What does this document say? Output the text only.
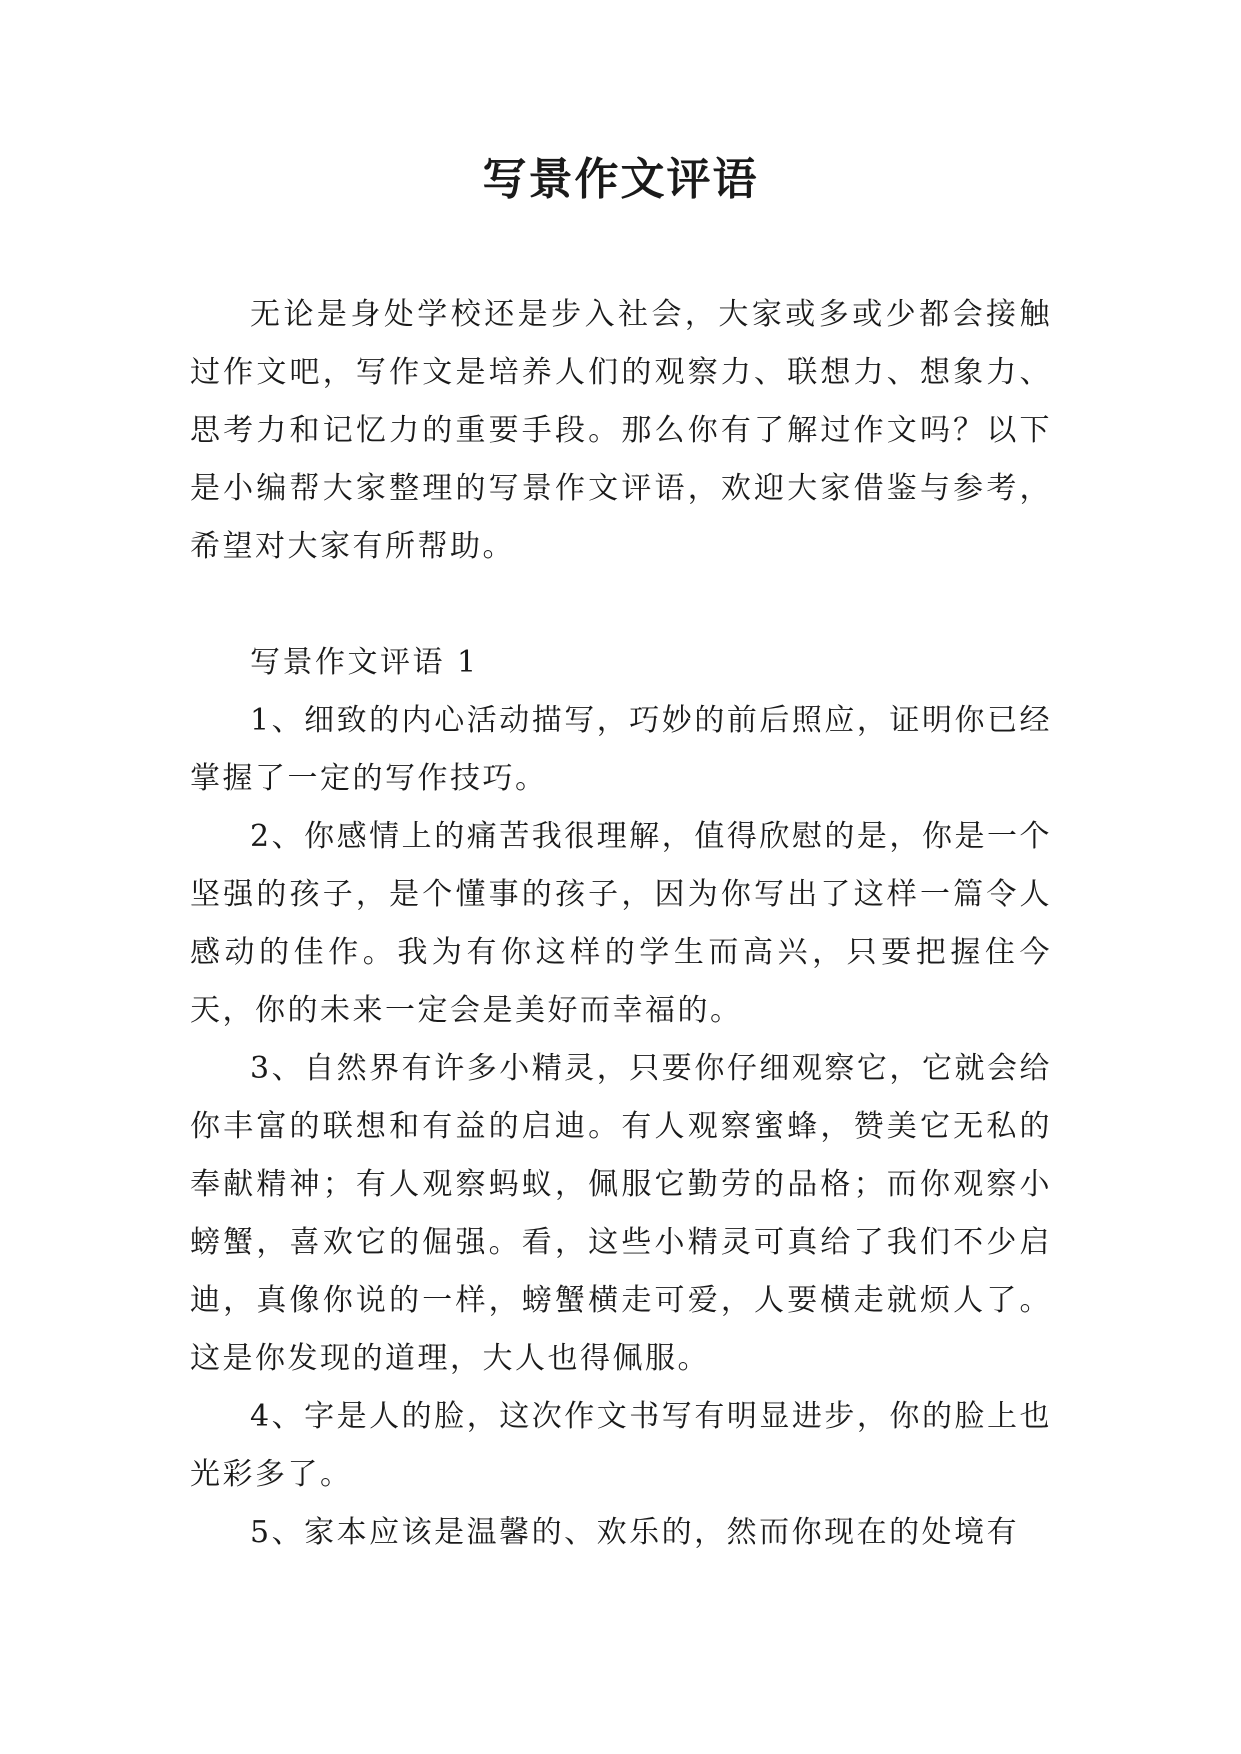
写景作文评语

无论是身处学校还是步入社会，大家或多或少都会接触过作文吧，写作文是培养人们的观察力、联想力、想象力、思考力和记忆力的重要手段。那么你有了解过作文吗？以下是小编帮大家整理的写景作文评语，欢迎大家借鉴与参考，希望对大家有所帮助。

写景作文评语 1

1、细致的内心活动描写，巧妙的前后照应，证明你已经掌握了一定的写作技巧。

2、你感情上的痛苦我很理解，值得欣慰的是，你是一个坚强的孩子，是个懂事的孩子，因为你写出了这样一篇令人感动的佳作。我为有你这样的学生而高兴，只要把握住今天，你的未来一定会是美好而幸福的。

3、自然界有许多小精灵，只要你仔细观察它，它就会给你丰富的联想和有益的启迪。有人观察蜜蜂，赞美它无私的奉献精神；有人观察蚂蚁，佩服它勤劳的品格；而你观察小螃蟹，喜欢它的倔强。看，这些小精灵可真给了我们不少启迪，真像你说的一样，螃蟹横走可爱，人要横走就烦人了。这是你发现的道理，大人也得佩服。

4、字是人的脸，这次作文书写有明显进步，你的脸上也光彩多了。

5、家本应该是温馨的、欢乐的，然而你现在的处境有
